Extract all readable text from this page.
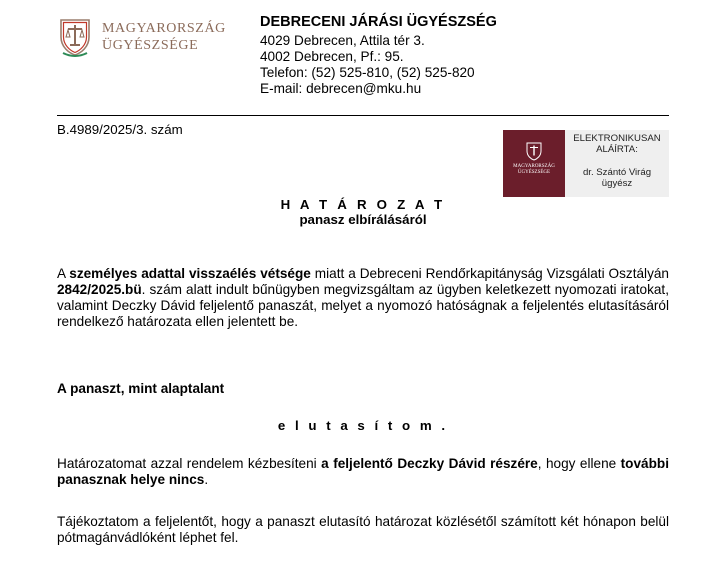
MAGYARORSZÁG
ÜGYÉSZSÉGE
DEBRECENI JÁRÁSI ÜGYÉSZSÉG
4029 Debrecen, Attila tér 3.
4002 Debrecen, Pf.: 95.
Telefon: (52) 525-810, (52) 525-820
E-mail: debrecen@mku.hu
B.4989/2025/3. szám
MAGYARORSZÁG
ÜGYÉSZSÉGE
ELEKTRONIKUSAN
ALÁÍRTA:
dr. Szántó Virág
ügyész
H A T Á R O Z A T
panasz elbírálásáról
A személyes adattal visszaélés vétsége miatt a Debreceni Rendőrkapitányság Vizsgálati Osztályán 2842/2025.bü. szám alatt indult bűnügyben megvizsgáltam az ügyben keletkezett nyomozati iratokat, valamint Deczky Dávid feljelentő panaszát, melyet a nyomozó hatóságnak a feljelentés elutasításáról rendelkező határozata ellen jelentett be.
A panaszt, mint alaptalant
e l u t a s í t o m .
Határozatomat azzal rendelem kézbesíteni a feljelentő Deczky Dávid részére, hogy ellene további panasznak helye nincs.
Tájékoztatom a feljelentőt, hogy a panaszt elutasító határozat közlésétől számított két hónapon belül pótmagánvádlóként léphet fel.
